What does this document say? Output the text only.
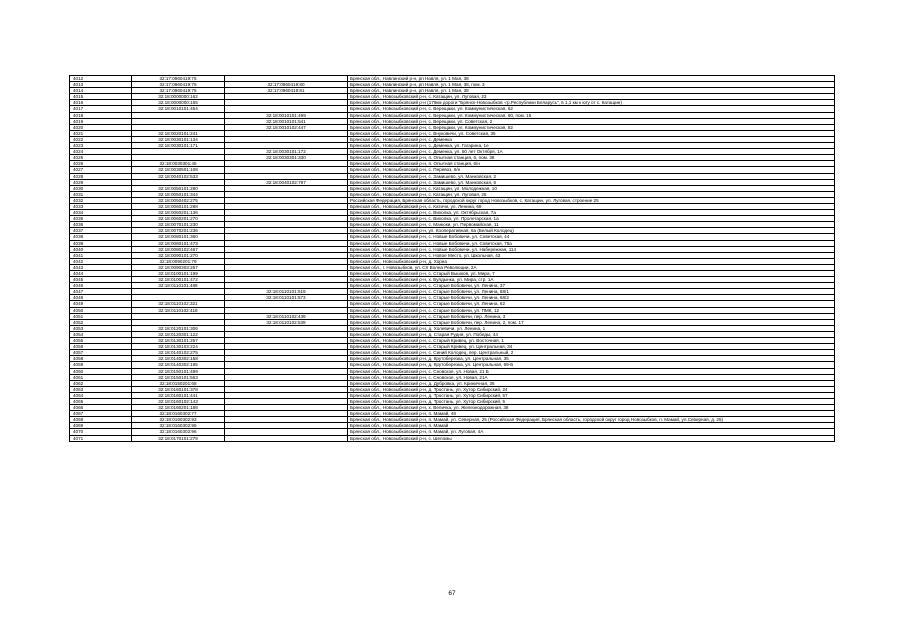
4012	32:17:0960419:75		Брянская обл., Навлинский р-н, рп Навля, ул. 1 Мая, 38
4013	32:17:0960419:75	32:17:0960419:80	Брянская обл., Навлинский р-н, рп Навля, ул. 1 Мая, 38, пом. 3
4014	32:17:0960419:75	32:17:0960419:81	Брянская обл., Навлинский р-н, рп Навля, ул. 1 Мая, 38
4015	32:18:0000000:162		Брянская обл., Новозыбковский р-н, с. Катащин, ул. Луговая, 23
4016	32:18:0000000:165		Брянская обл., Новозыбковский р-н (179км дороги "Брянск-Новозыбков -гр.Республики Беларусь", в 1,1 км к югу от с. Катащин)
4017	32:18:0010101:454		Брянская обл., Новозыбковский р-н, с. Верещаки, ул. Коммунистическая, 62
4018		32:18:0010101:499	Брянская обл., Новозыбковский р-н, с. Верещаки, ул. Коммунистическая, 60, пом. 15
4019		32:18:0010101:541	Брянская обл., Новозыбковский р-н, с. Верещаки, ул. Советская, 2
4020		32:18:0010102:447	Брянская обл., Новозыбковский р-н, с. Верещаки, ул. Коммунистическая, 82
4021	32:18:0020101:241		Брянская обл., Новозыбковский р-н, с. Внуковичи, ул. Советская, 35
4022	32:18:0030101:134		Брянская обл., Новозыбковский р-н, с. Деменка
4023	32:18:0030101:171		Брянская обл., Новозыбковский р-н, с. Деменка, ул. Гагарина, 1е
4024		32:18:0030101:172	Брянская обл., Новозыбковский р-н, с. Деменка, ул. 50 лет Октября, 1А
4025		32:18:0030301:330	Брянская обл., Новозыбковский р-н, п. Опытная станция, 6, пом. 38
4026	32:18:0030301:45		Брянская обл., Новозыбковский р-н, п. Опытная станция, 6/н
4027	32:18:0030501:108		Брянская обл., Новозыбковский р-н, с. Перевоз, 6/н
4028	32:18:0040102:533		Брянская обл., Новозыбковский р-н, с. Замишево, ул. Манковская, 2
4029		32:18:0040102:797	Брянская обл., Новозыбковский р-н, с. Замишево, ул. Манковская, 6
4030	32:18:0050101:280		Брянская обл., Новозыбковский р-н, с. Катащин, ул. Молодежная, 10
4031	32:18:0050101:344		Брянская обл., Новозыбковский р-н, с. Катащин, ул. Луговая, 25
4032	32:18:0050402:275		Российская Федерация, Брянская область, городской округ город Новозыбков, с. Катащин, ул. Луговая, строение 25
4033	32:18:0060101:288		Брянская обл., Новозыбковский р-н, с. Катичи, ул. Ленина, 69
4034	32:18:0060201:136		Брянская обл., Новозыбковский р-н, с. Вихолка, ул. Октябрьская, 7а
4035	32:18:0060201:270		Брянская обл., Новозыбковский р-н, с. Вихолка, ул. Пролетарская, 1а
4036	32:18:0070101:230		Брянская обл., Новозыбковский р-н, с. Манюки, ул. Первомайская, 11
4037	32:18:0070201:236		Брянская обл., Новозыбковский р-н, ул. Кооперативная, 6а (Белый Колодец)
4038	32:18:0080101:360		Брянская обл., Новозыбковский р-н, с. Новые Бобовичи, ул. Советская, 44
4039	32:18:0080101:473		Брянская обл., Новозыбковский р-н, с. Новые Бобовичи, ул. Советская, 75а
4040	32:18:0080102:467		Брянская обл., Новозыбковский р-н, с. Новые Бобовичи, ул. Набережная, 114
4041	32:18:0090101:270		Брянская обл., Новозыбковский р-н, с. Новое Место, ул. Школьная, 43
4042	32:18:0090201:79		Брянская обл., Новозыбковский р-н, д. Хорна
4043	32:18:0090303:267		Брянская обл., г. Новозыбков, ул. СХ Волна Революции, 2А
4044	32:18:0100101:199		Брянская обл., Новозыбковский р-н, с. Старый Вышков, ул. Мира, 7
4045	32:18:0100101:472		Брянская обл., Новозыбковский р-н, х. Булдынка, ул. Мира, стр. 1А
4046	32:18:0110101:488		Брянская обл., Новозыбковский р-н, с. Старые Бобовичи, ул. Ленина, 37
4047		32:18:0110101:519	Брянская обл., Новозыбковский р-н, с. Старые Бобовичи, ул. Ленина, 68/1
4048		32:18:0110101:573	Брянская обл., Новозыбковский р-н, с. Старые Бобовичи, ул. Ленина, 68/2
4049	32:18:0110102:321		Брянская обл., Новозыбковский р-н, с. Старые Бобовичи, ул. Ленина, 62
4050	32:18:0110102:418		Брянская обл., Новозыбковский р-н, с. Старые Бобовичи, ул. ПМК, 12
4051		32:18:0110102:439	Брянская обл., Новозыбковский р-н, с. Старые Бобовичи, пер. Ленина, 3
4052		32:18:0110102:539	Брянская обл., Новозыбковский р-н, с. Старые Бобовичи, пер. Ленина, 2, пом. 17
4053	32:18:0120101:306		Брянская обл., Новозыбковский р-н, д. Холевичи, ул. Ленина, 1
4054	32:18:0120301:122		Брянская обл., Новозыбковский р-н, д. Старая Рудня, ул. Победы, 44
4055	32:18:0130101:257		Брянская обл., Новозыбковский р-н, с. Старый Кривец, ул. Восточная, 1
4056	32:18:0130103:224		Брянская обл., Новозыбковский р-н, с. Старый Кривец, ул. Центральная, 34
4057	32:18:0140102:275		Брянская обл., Новозыбковский р-н, с. Синий Колодец, пер. Центральный, 2
4058	32:18:0140302:158		Брянская обл., Новозыбковский р-н, д. Крутоберезка, ул. Центральная, 35
4059	32:18:0140302:195		Брянская обл., Новозыбковский р-н, д. Крутоберезка, ул. Центральная, 69-Б
4060	32:18:0150101:499		Брянская обл., Новозыбковский р-н, с. Сновское, ул. Новая, 21 Б
4061	32:18:0150101:563		Брянская обл., Новозыбковский р-н, с. Сновское, ул. Новая, 21А
4062	32:18:0150201:68		Брянская обл., Новозыбковский р-н, д. Дубровка, ул. Криничная, 36
4063	32:18:0160101:378		Брянская обл., Новозыбковский р-н, д. Тростань, ул. Хутор Сибирский, 24
4064	32:18:0160101:441		Брянская обл., Новозыбковский р-н, д. Тростань, ул. Хутор Сибирский, 57
4065	32:18:0160102:143		Брянская обл., Новозыбковский р-н, д. Тростань, ул. Хутор Сибирский, 5
4066	32:18:0160201:188		Брянская обл., Новозыбковский р-н, х. Величка, ул. Железнодорожная, 38
4067	32:18:0160302:77		Брянская обл., Новозыбковский р-н, п. Мамай, 48
4068	32:18:0160302:93		Брянская обл., Новозыбковский р-н, п. Мамай, ул. Северная, 25 (Российская Федерация, Брянская область, городской округ город Новозыбков, п. Мамай, ул.Северная, д. 25)
4069	32:18:0160302:95		Брянская обл., Новозыбковский р-н, п. Мамай
4070	32:18:0160302:96		Брянская обл., Новозыбковский р-н, п. Мамай, ул. Луговая, 4А
4071	32:18:0170101:279		Брянская обл., Новозыбковский р-н, с. Шеломы
67
